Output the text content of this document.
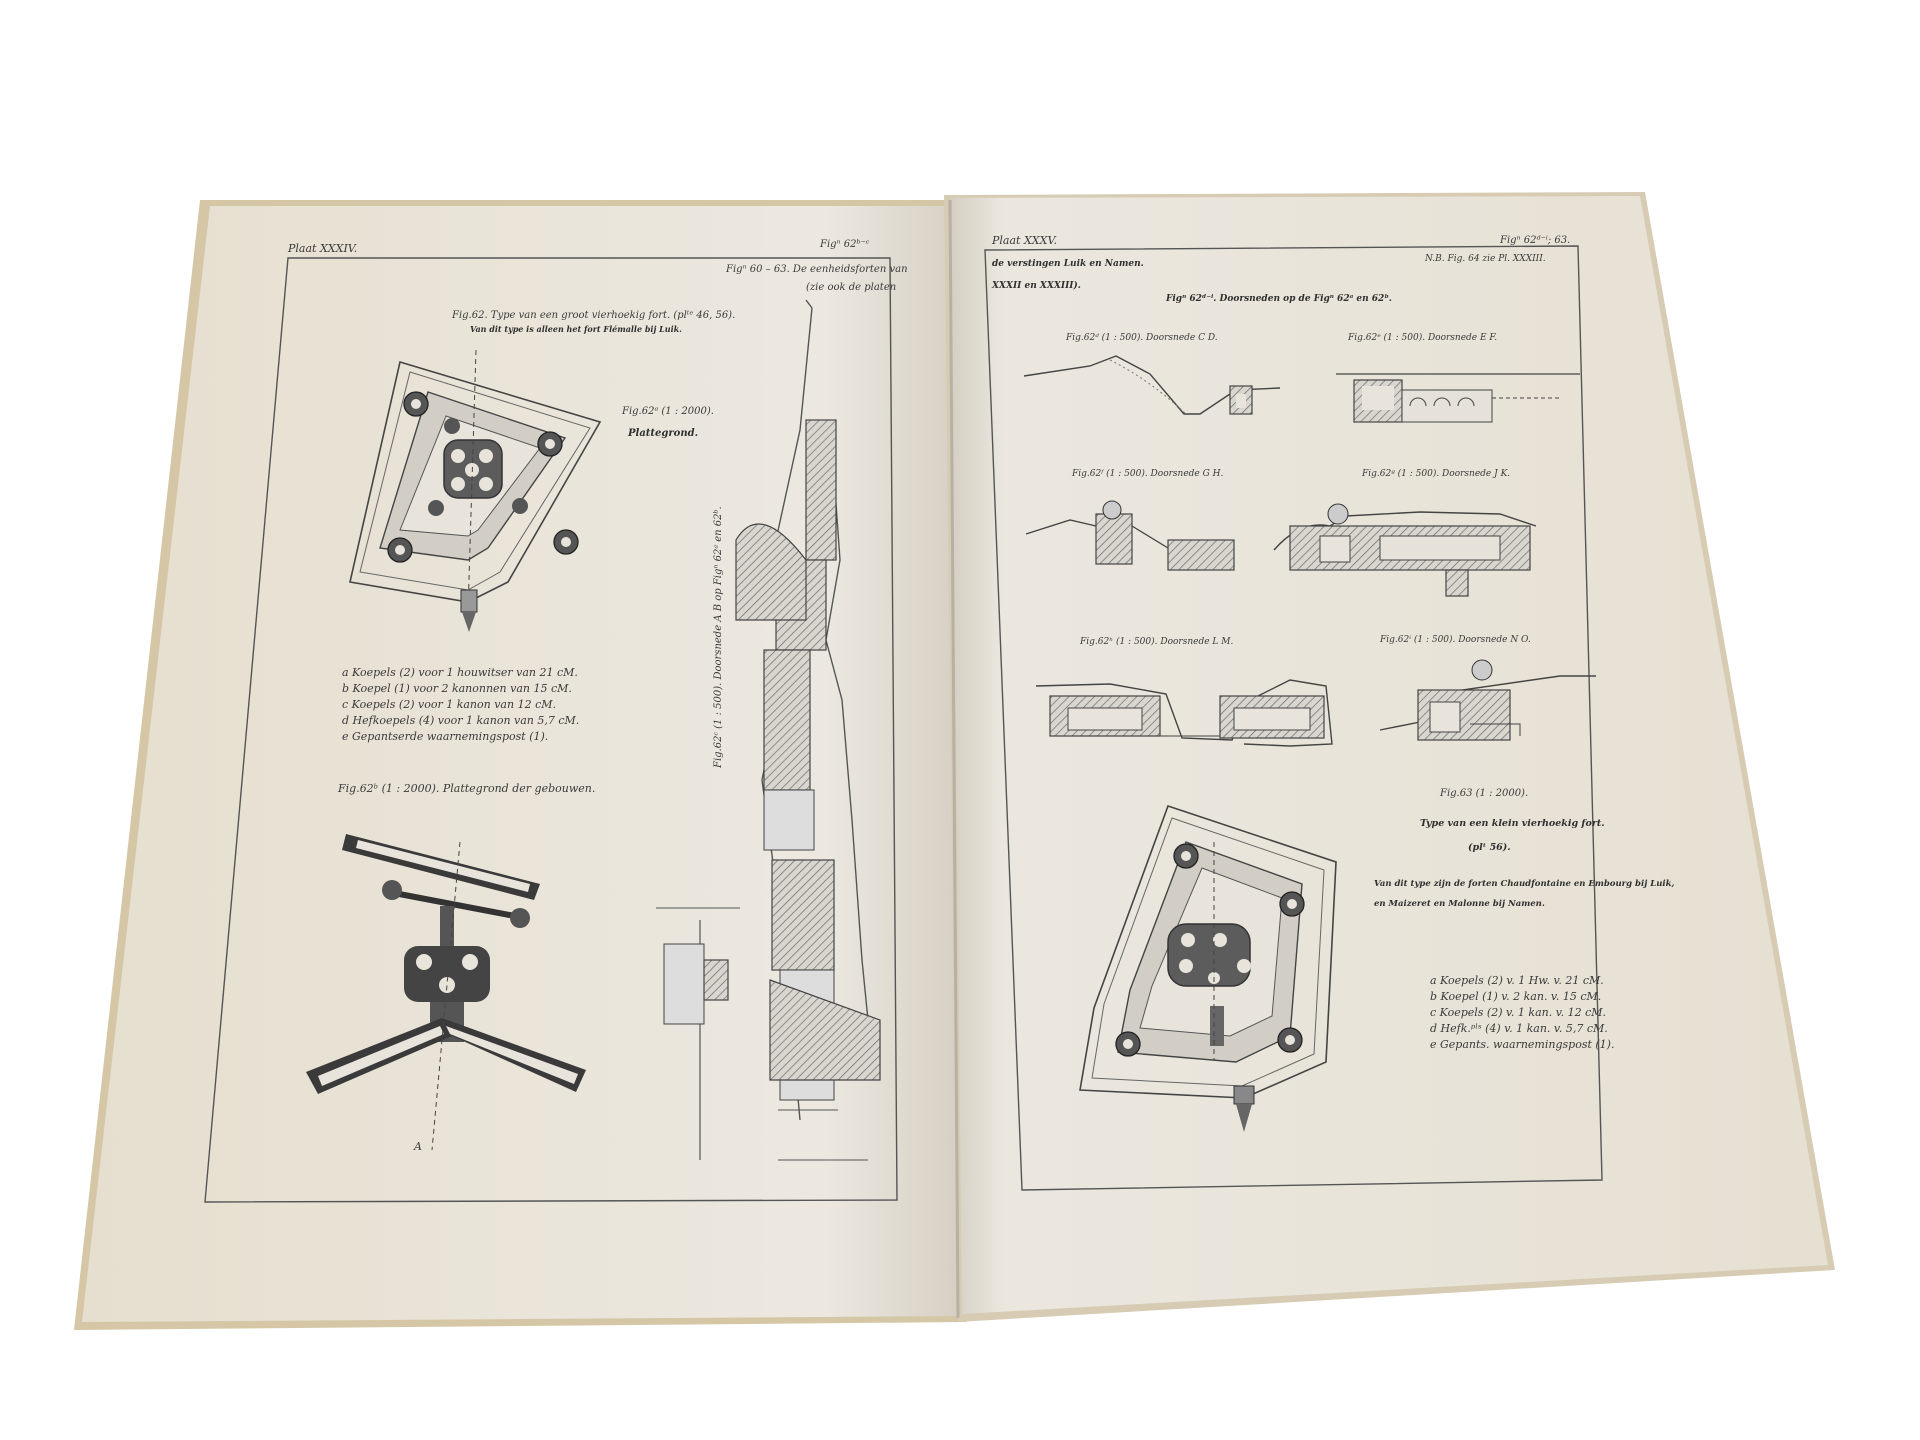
Plaat XXXIV.	Figⁿ 62ᵇ⁻ᶜ
Figⁿ 60 – 63. De eenheidsforten van
(zie ook de platen
Fig.62. Type van een groot vierhoekig fort. (plᵗᵉ 46, 56).
Van dit type is alleen het fort Flémalle bij Luik.
Fig.62ᵃ (1 : 2000).
Plattegrond.
a Koepels (2) voor 1 houwitser van 21 cM.
b Koepel (1) voor 2 kanonnen van 15 cM.
c Koepels (2) voor 1 kanon van 12 cM.
d Hefkoepels (4) voor 1 kanon van 5,7 cM.
e Gepantserde waarnemingspost (1).
Fig.62ᵇ (1 : 2000). Plattegrond der gebouwen.
A
Fig.62ᶜ (1 : 500). Doorsnede A B op Figⁿ 62ᵃ en 62ᵇ.
Plaat XXXV.	Figⁿ 62ᵈ⁻ⁱ; 63.
N.B. Fig. 64 zie Pl. XXXIII.
de verstingen Luik en Namen.
XXXII en XXXIII).
Figⁿ 62ᵈ⁻ⁱ. Doorsneden op de Figⁿ 62ᵃ en 62ᵇ.
Fig.62ᵈ (1 : 500). Doorsnede C D.	Fig.62ᵉ (1 : 500). Doorsnede E F.
Fig.62ᶠ (1 : 500). Doorsnede G H.	Fig.62ᵍ (1 : 500). Doorsnede J K.
Fig.62ʰ (1 : 500). Doorsnede L M.	Fig.62ⁱ (1 : 500). Doorsnede N O.
Fig.63 (1 : 2000).
Type van een klein vierhoekig fort.
(plᵗ 56).
Van dit type zijn de forten Chaudfontaine en Embourg bij Luik,
en Maizeret en Malonne bij Namen.
a Koepels (2) v. 1 Hw. v. 21 cM.
b Koepel (1) v. 2 kan. v. 15 cM.
c Koepels (2) v. 1 kan. v. 12 cM.
d Hefk.ᵖˡˢ (4) v. 1 kan. v. 5,7 cM.
e Gepants. waarnemingspost (1).
